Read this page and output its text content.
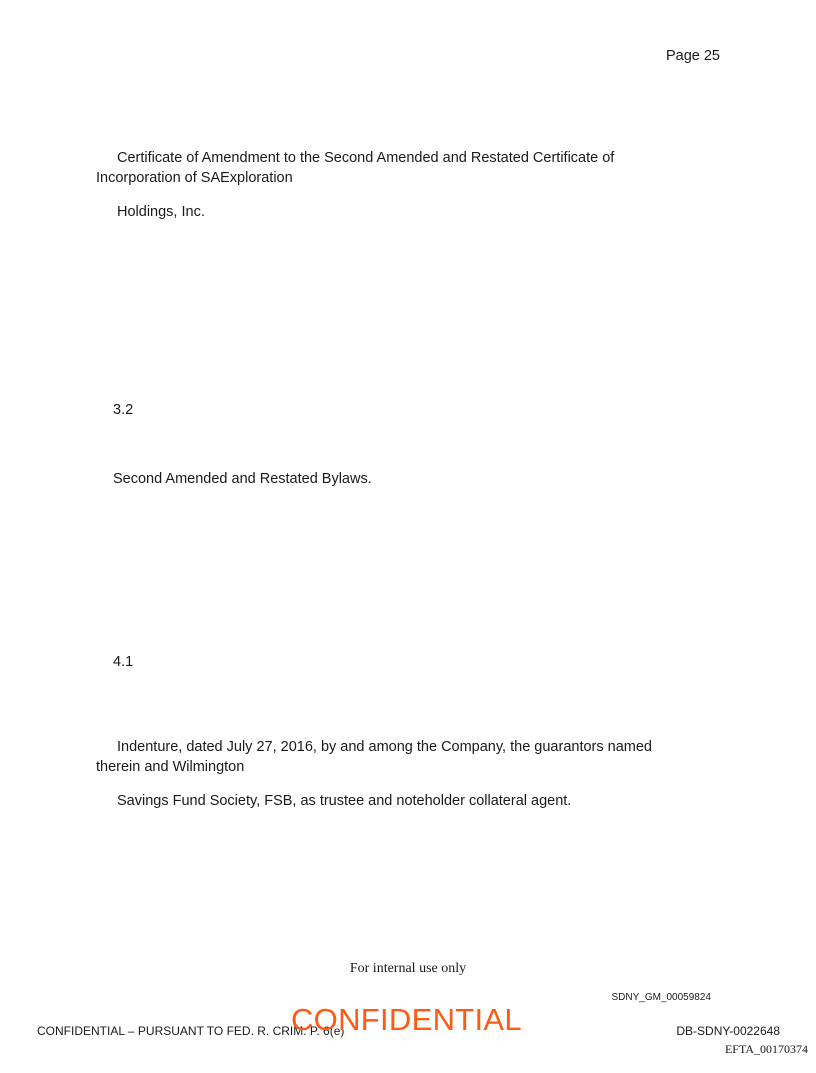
Page 25
Certificate of Amendment to the Second Amended and Restated Certificate of
Incorporation of SAExploration
Holdings, Inc.
3.2
Second Amended and Restated Bylaws.
4.1
Indenture, dated July 27, 2016, by and among the Company, the guarantors named
therein and Wilmington
Savings Fund Society, FSB, as trustee and noteholder collateral agent.
For internal use only
SDNY_GM_00059824
CONFIDENTIAL – PURSUANT TO FED. R. CRIM. P. 6(e)
CONFIDENTIAL	DB-SDNY-0022648
EFTA_00170374
